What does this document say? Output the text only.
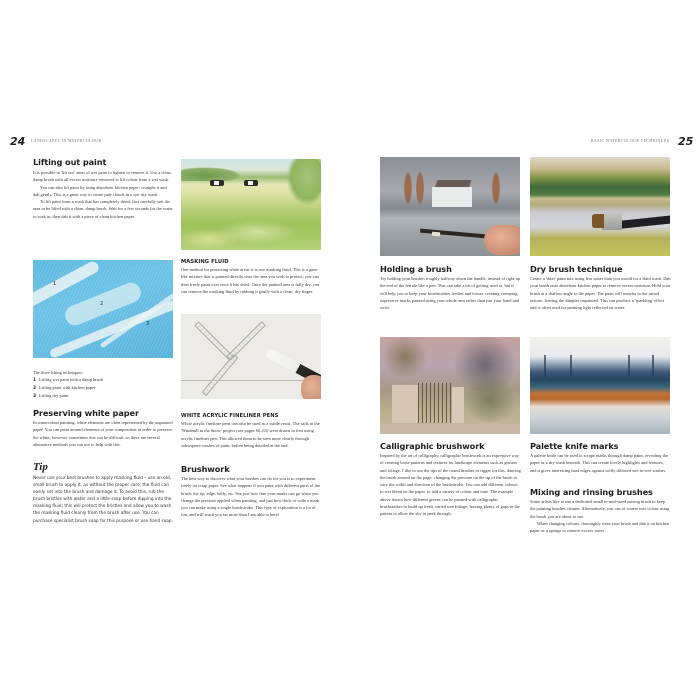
24 LANDSCAPES IN WATERCOLOUR
Lifting out paint

It is possible to 'lift out' areas of wet paint to lighten or remove it. Use a clean, damp brush with all excess moisture removed to lift colour from a wet wash.

You can also lift paint by using absorbent kitchen paper: crumple it and dab gently. This is a great way to create pale clouds in a wet sky wash.

To lift paint from a wash that has completely dried, first carefully wet the area to be lifted with a clean, damp brush. Wait for a few seconds for the water to soak in, then dab it with a piece of clean kitchen paper.

1
2
3
The three lifting techniques:
1 Lifting wet paint with a damp brush
2 Lifting paint with kitchen paper
3 Lifting dry paint
Preserving white paper
In watercolour painting, white elements are often represented by the unpainted paper. You can paint around elements of your composition in order to preserve the white; however, sometimes this can be difficult, so there are several alternative methods you can use to help with this.
Tip
Never use your best brushes to apply masking fluid – use an old, small brush to apply it, as without the proper care, the fluid can easily set into the brush and damage it. To avoid this, rub the brush bristles with water and a little soap before dipping into the masking fluid; this will protect the bristles and allow you to wash the masking fluid cleanly from the brush after use. You can purchase specialist brush soap for this purpose or use hand soap.
MASKING FLUID
One method for protecting white areas is to use masking fluid. This is a gum-like mixture that is painted directly onto the area you wish to protect; you can then freely paint over once it has dried. Once the painted area is fully dry, you can remove the masking fluid by rubbing it gently with a clean, dry finger.
WHITE ACRYLIC FINELINER PENS
White acrylic fineliner pens can also be used as a subtle resist. The sails in the 'Windmill in the Snow' project (see pages 60–63) were drawn in first using acrylic fineliner pen. This allowed them to be seen more clearly through subsequent washes of paint, before being detailed at the end.
Brushwork
The best way to discover what your brushes can do for you is to experiment freely on scrap paper. See what happens if you paint with different parts of the brush: the tip, edge, belly, etc. See just how fine your marks can go when you change the pressure applied when painting, and just how thick or wide a mark you can make using a single brushstroke. This type of exploration is a lot of fun, and will teach you far more than I am able to here!
BASIC WATERCOLOUR TECHNIQUES 25
Holding a brush
Try holding your brushes roughly halfway down the handle, instead of right up the end of the ferrule like a pen. This can take a bit of getting used to, but it will help you to keep your brushstrokes fresher and looser, creating sweeping, expressive marks painted using your whole arm rather than just your hand and wrist.
Dry brush technique
Create a 'drier' paint mix using less water than you would for a fluid wash. Dab your brush onto absorbent kitchen paper to remove excess moisture. Hold your brush at a shallow angle to the paper. The paint will transfer to the raised texture, leaving the dimples unpainted. This can produce a 'sparkling' effect and is often used for painting light reflected on water.
Calligraphic brushwork
Inspired by the art of calligraphy, calligraphic brushwork is an expressive way of creating loose patterns and textures for landscape elements such as grasses and foliage. I like to use the tips of the round brushes or rigger for this, dancing the brush around on the page, changing the pressure on the tip of the brush to vary the width and direction of the brushstroke. You can add different colours to wet blend on the paper, to add a variety of colour and tone. The example above shows how different greens can be painted with calligraphic brushstrokes to build up fresh, varied tree foliage, leaving plenty of gaps in the pattern to allow the sky to peek through.
Palette knife marks
A palette knife can be used to scrape marks through damp paint, revealing the paper or a dry wash beneath. This can create lovely highlights and textures, and it gives interesting hard edges against softly diffused wet-in-wet washes.
Mixing and rinsing brushes

Some artists like to use a dedicated small to mid-sized mixing brush to keep the painting brushes cleaner. Alternatively, you can of course mix colour using the brush you are about to use.

When changing colours, thoroughly rinse your brush and dab it on kitchen paper or a sponge to remove excess water.
